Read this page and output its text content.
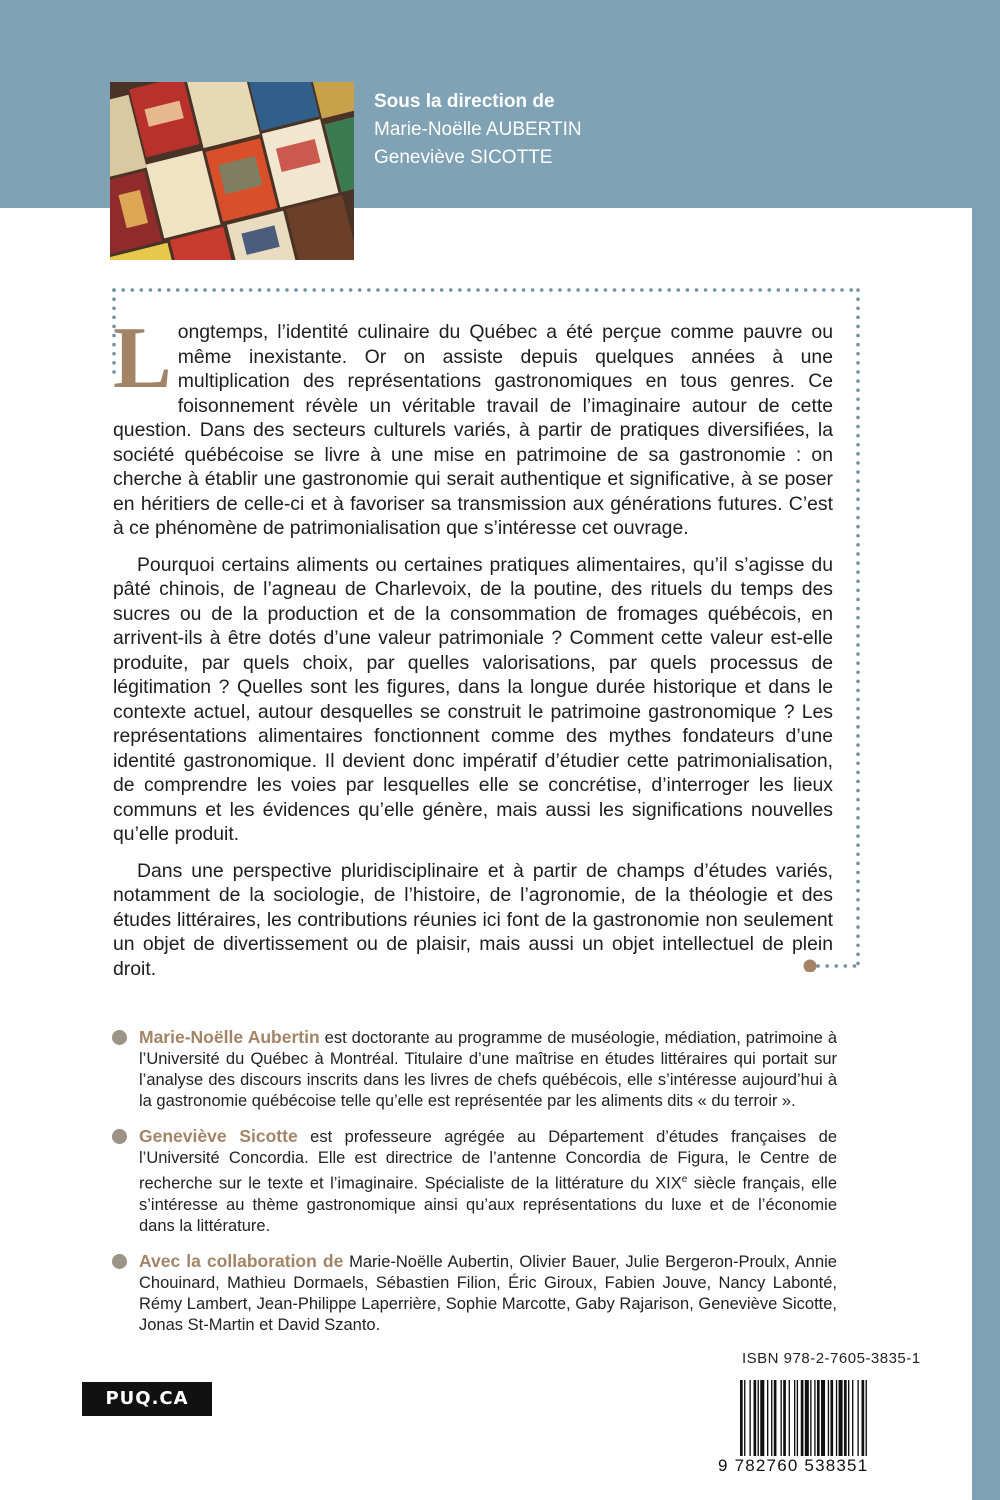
Sous la direction de
Marie-Noëlle AUBERTIN
Geneviève SICOTTE

Longtemps, l’identité culinaire du Québec a été perçue comme pauvre ou même inexistante. Or on assiste depuis quelques années à une multiplication des représentations gastronomiques en tous genres. Ce foisonnement révèle un véritable travail de l’imaginaire autour de cette question. Dans des secteurs culturels variés, à partir de pratiques diversifiées, la société québécoise se livre à une mise en patrimoine de sa gastronomie : on cherche à établir une gastronomie qui serait authentique et significative, à se poser en héritiers de celle-ci et à favoriser sa transmission aux générations futures. C’est à ce phénomène de patrimonialisation que s’intéresse cet ouvrage.

Pourquoi certains aliments ou certaines pratiques alimentaires, qu’il s’agisse du pâté chinois, de l’agneau de Charlevoix, de la poutine, des rituels du temps des sucres ou de la production et de la consommation de fromages québécois, en arrivent-ils à être dotés d’une valeur patrimoniale ? Comment cette valeur est-elle produite, par quels choix, par quelles valorisations, par quels processus de légitimation ? Quelles sont les figures, dans la longue durée historique et dans le contexte actuel, autour desquelles se construit le patrimoine gastronomique ? Les représentations alimentaires fonctionnent comme des mythes fondateurs d’une identité gastronomique. Il devient donc impératif d’étudier cette patrimonialisation, de comprendre les voies par lesquelles elle se concrétise, d’interroger les lieux communs et les évidences qu’elle génère, mais aussi les significations nouvelles qu’elle produit.

Dans une perspective pluridisciplinaire et à partir de champs d’études variés, notamment de la sociologie, de l’histoire, de l’agronomie, de la théologie et des études littéraires, les contributions réunies ici font de la gastronomie non seulement un objet de divertissement ou de plaisir, mais aussi un objet intellectuel de plein droit.

Marie-Noëlle Aubertin est doctorante au programme de muséologie, médiation, patrimoine à l’Université du Québec à Montréal. Titulaire d’une maîtrise en études littéraires qui portait sur l’analyse des discours inscrits dans les livres de chefs québécois, elle s’intéresse aujourd’hui à la gastronomie québécoise telle qu’elle est représentée par les aliments dits « du terroir ».
Geneviève Sicotte est professeure agrégée au Département d’études françaises de l’Université Concordia. Elle est directrice de l’antenne Concordia de Figura, le Centre de recherche sur le texte et l’imaginaire. Spécialiste de la littérature du XIXe siècle français, elle s’intéresse au thème gastronomique ainsi qu’aux représentations du luxe et de l’économie dans la littérature.
Avec la collaboration de Marie-Noëlle Aubertin, Olivier Bauer, Julie Bergeron-Proulx, Annie Chouinard, Mathieu Dormaels, Sébastien Filion, Éric Giroux, Fabien Jouve, Nancy Labonté, Rémy Lambert, Jean-Philippe Laperrière, Sophie Marcotte, Gaby Rajarison, Geneviève Sicotte, Jonas St-Martin et David Szanto.
PUQ.CA
ISBN 978-2-7605-3835-1
9 782760 538351
